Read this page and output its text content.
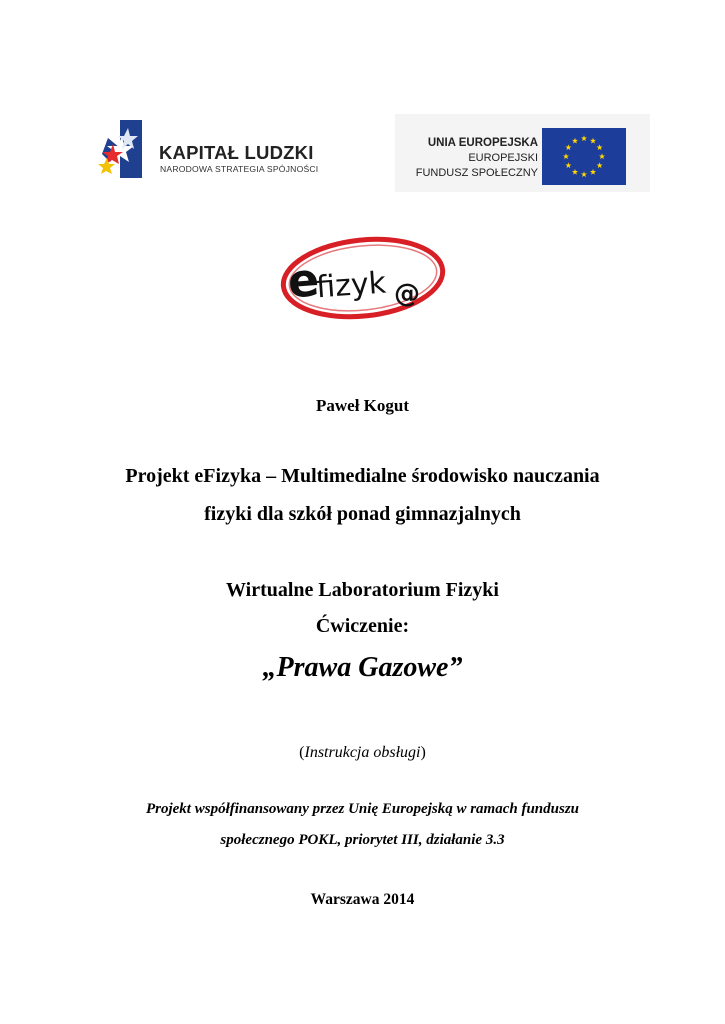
KAPITAŁ LUDZKI
NARODOWA STRATEGIA SPÓJNOŚCI
UNIA EUROPEJSKA
EUROPEJSKI
FUNDUSZ SPOŁECZNY
e
fizyk @
Paweł Kogut
Projekt eFizyka – Multimedialne środowisko nauczania
fizyki dla szkół ponad gimnazjalnych
Wirtualne Laboratorium Fizyki
Ćwiczenie:
„Prawa Gazowe”
(Instrukcja obsługi)
Projekt współfinansowany przez Unię Europejską w ramach funduszu
społecznego POKL, priorytet III, działanie 3.3
Warszawa 2014
